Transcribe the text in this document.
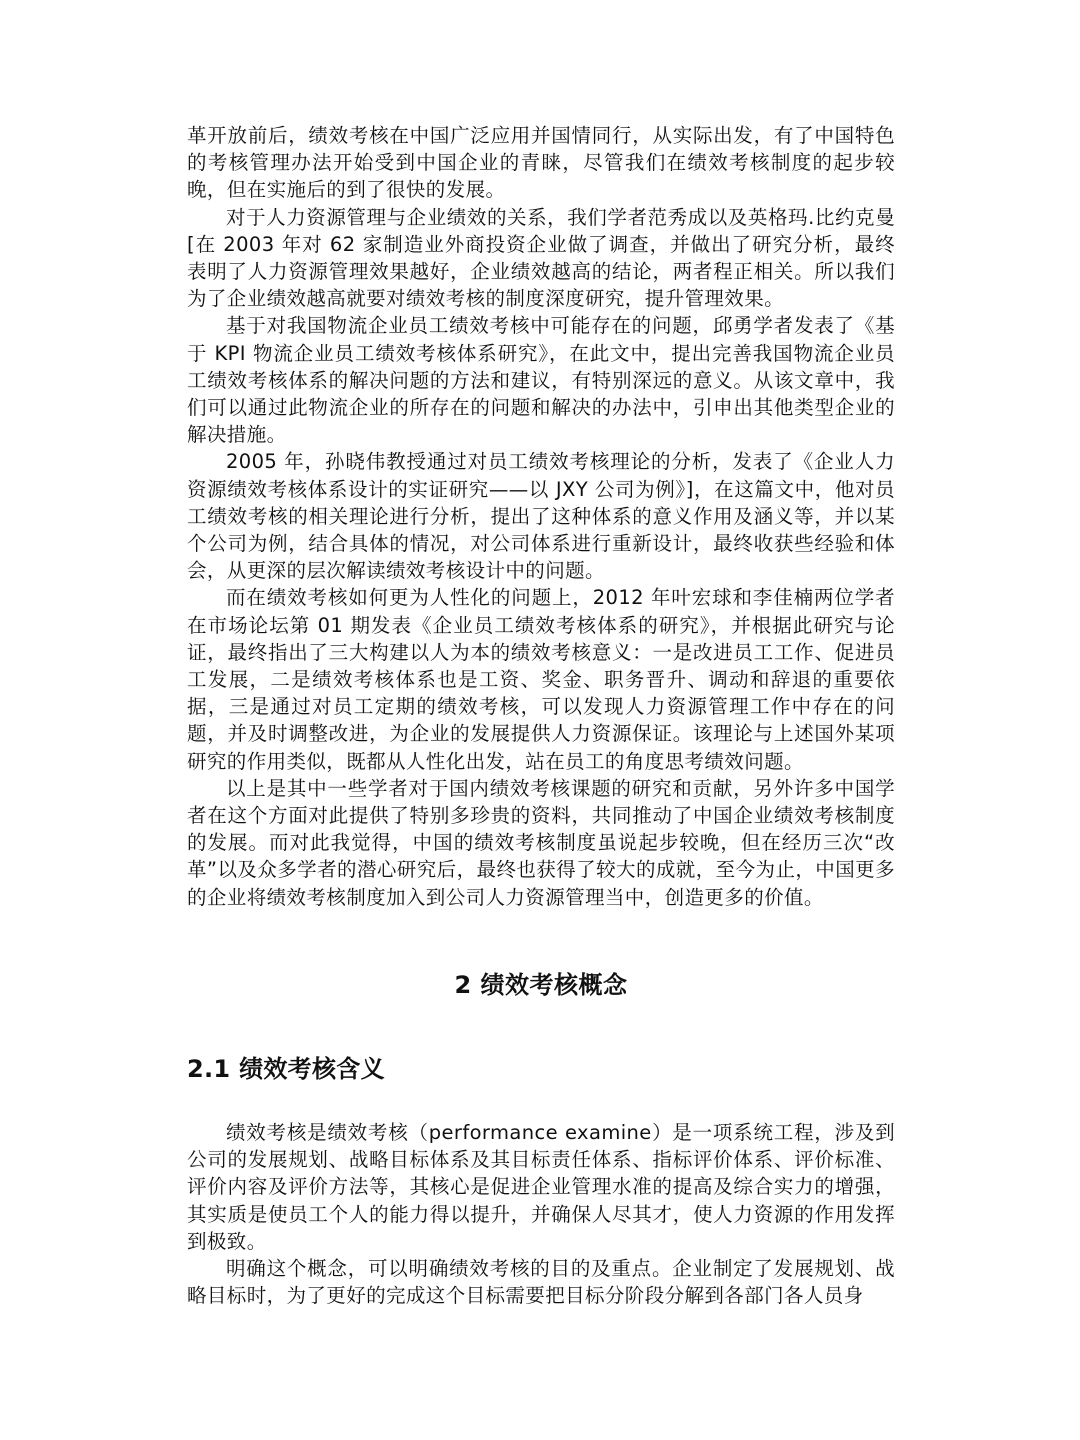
革开放前后，绩效考核在中国广泛应用并国情同行，从实际出发，有了中国特色的考核管理办法开始受到中国企业的青睐，尽管我们在绩效考核制度的起步较晚，但在实施后的到了很快的发展。

对于人力资源管理与企业绩效的关系，我们学者范秀成以及英格玛.比约克曼[在 2003 年对 62 家制造业外商投资企业做了调查，并做出了研究分析，最终表明了人力资源管理效果越好，企业绩效越高的结论，两者程正相关。所以我们为了企业绩效越高就要对绩效考核的制度深度研究，提升管理效果。

基于对我国物流企业员工绩效考核中可能存在的问题，邱勇学者发表了《基于 KPI 物流企业员工绩效考核体系研究》，在此文中，提出完善我国物流企业员工绩效考核体系的解决问题的方法和建议，有特别深远的意义。从该文章中，我们可以通过此物流企业的所存在的问题和解决的办法中，引申出其他类型企业的解决措施。

2005 年，孙晓伟教授通过对员工绩效考核理论的分析，发表了《企业人力资源绩效考核体系设计的实证研究——以 JXY 公司为例》]，在这篇文中，他对员工绩效考核的相关理论进行分析，提出了这种体系的意义作用及涵义等，并以某个公司为例，结合具体的情况，对公司体系进行重新设计，最终收获些经验和体会，从更深的层次解读绩效考核设计中的问题。

而在绩效考核如何更为人性化的问题上，2012 年叶宏球和李佳楠两位学者在市场论坛第 01 期发表《企业员工绩效考核体系的研究》，并根据此研究与论证，最终指出了三大构建以人为本的绩效考核意义：一是改进员工工作、促进员工发展，二是绩效考核体系也是工资、奖金、职务晋升、调动和辞退的重要依据，三是通过对员工定期的绩效考核，可以发现人力资源管理工作中存在的问题，并及时调整改进，为企业的发展提供人力资源保证。该理论与上述国外某项研究的作用类似，既都从人性化出发，站在员工的角度思考绩效问题。

以上是其中一些学者对于国内绩效考核课题的研究和贡献，另外许多中国学者在这个方面对此提供了特别多珍贵的资料，共同推动了中国企业绩效考核制度的发展。而对此我觉得，中国的绩效考核制度虽说起步较晚，但在经历三次“改革”以及众多学者的潜心研究后，最终也获得了较大的成就，至今为止，中国更多的企业将绩效考核制度加入到公司人力资源管理当中，创造更多的价值。

2 绩效考核概念
2.1 绩效考核含义

绩效考核是绩效考核（performance examine）是一项系统工程，涉及到公司的发展规划、战略目标体系及其目标责任体系、指标评价体系、评价标准、评价内容及评价方法等，其核心是促进企业管理水准的提高及综合实力的增强，其实质是使员工个人的能力得以提升，并确保人尽其才，使人力资源的作用发挥到极致。

明确这个概念，可以明确绩效考核的目的及重点。企业制定了发展规划、战略目标时，为了更好的完成这个目标需要把目标分阶段分解到各部门各人员身
